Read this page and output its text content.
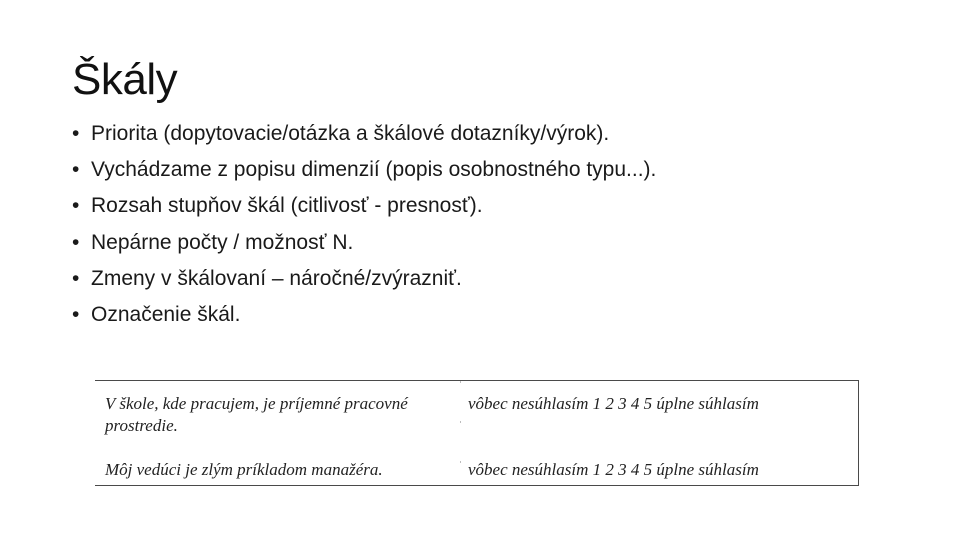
Škály
• Priorita (dopytovacie/otázka a škálové dotazníky/výrok).
• Vychádzame z popisu dimenzií (popis osobnostného typu...).
• Rozsah stupňov škál (citlivosť - presnosť).
• Nepárne počty / možnosť N.
• Zmeny v škálovaní – náročné/zvýrazniť.
• Označenie škál.
V škole, kde pracujem, je príjemné pracovné prostredie.
vôbec nesúhlasím 1 2 3 4 5 úplne súhlasím
Môj vedúci je zlým príkladom manažéra.	vôbec nesúhlasím 1 2 3 4 5 úplne súhlasím
